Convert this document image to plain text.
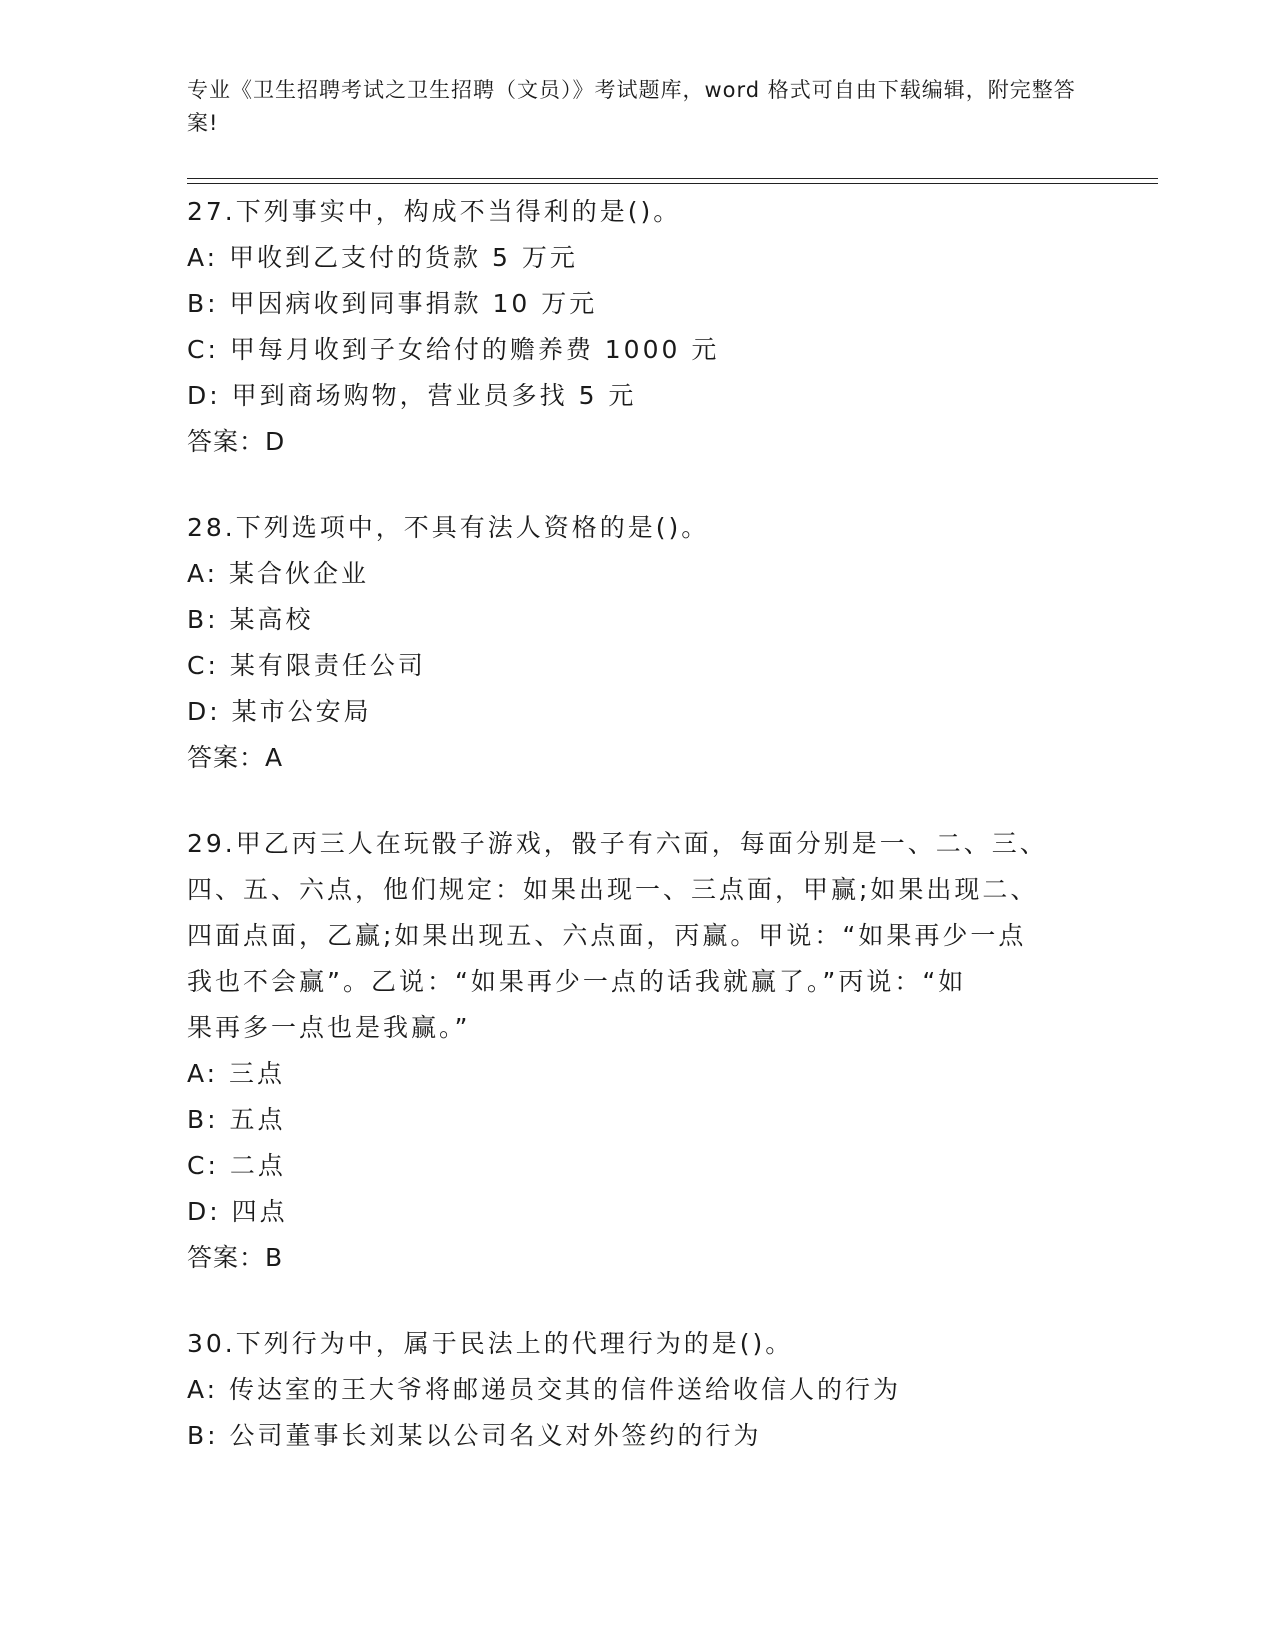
专业《卫生招聘考试之卫生招聘（文员）》考试题库，word 格式可自由下载编辑，附完整答案!
27.下列事实中，构成不当得利的是()。
A: 甲收到乙支付的货款 5 万元
B: 甲因病收到同事捐款 10 万元
C: 甲每月收到子女给付的赡养费 1000 元
D: 甲到商场购物，营业员多找 5 元
答案：D
28.下列选项中，不具有法人资格的是()。
A: 某合伙企业
B: 某高校
C: 某有限责任公司
D: 某市公安局
答案：A
29.甲乙丙三人在玩骰子游戏，骰子有六面，每面分别是一、二、三、
四、五、六点，他们规定：如果出现一、三点面，甲赢;如果出现二、
四面点面，乙赢;如果出现五、六点面，丙赢。甲说：“如果再少一点
我也不会赢”。乙说：“如果再少一点的话我就赢了。”丙说：“如
果再多一点也是我赢。”
A: 三点
B: 五点
C: 二点
D: 四点
答案：B
30.下列行为中，属于民法上的代理行为的是()。
A: 传达室的王大爷将邮递员交其的信件送给收信人的行为
B: 公司董事长刘某以公司名义对外签约的行为
